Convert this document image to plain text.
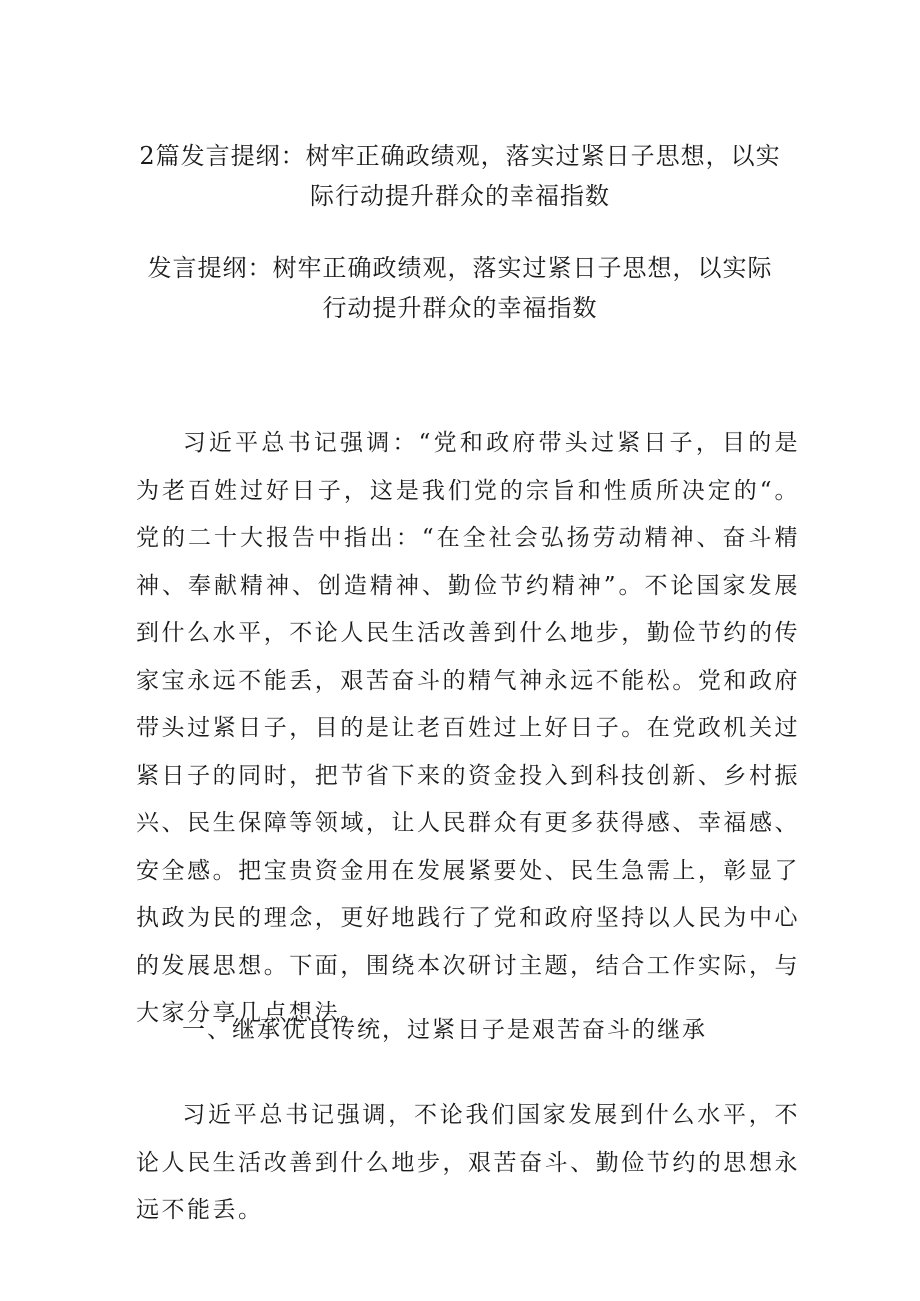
2篇发言提纲：树牢正确政绩观，落实过紧日子思想，以实
际行动提升群众的幸福指数
发言提纲：树牢正确政绩观，落实过紧日子思想，以实际
行动提升群众的幸福指数

习近平总书记强调：“党和政府带头过紧日子，目的是为老百姓过好日子，这是我们党的宗旨和性质所决定的“。党的二十大报告中指出：“在全社会弘扬劳动精神、奋斗精神、奉献精神、创造精神、勤俭节约精神”。不论国家发展到什么水平，不论人民生活改善到什么地步，勤俭节约的传家宝永远不能丢，艰苦奋斗的精气神永远不能松。党和政府带头过紧日子，目的是让老百姓过上好日子。在党政机关过紧日子的同时，把节省下来的资金投入到科技创新、乡村振兴、民生保障等领域，让人民群众有更多获得感、幸福感、安全感。把宝贵资金用在发展紧要处、民生急需上，彰显了执政为民的理念，更好地践行了党和政府坚持以人民为中心的发展思想。下面，围绕本次研讨主题，结合工作实际，与大家分享几点想法。

一、继承优良传统，过紧日子是艰苦奋斗的继承

习近平总书记强调，不论我们国家发展到什么水平，不论人民生活改善到什么地步，艰苦奋斗、勤俭节约的思想永远不能丢。
